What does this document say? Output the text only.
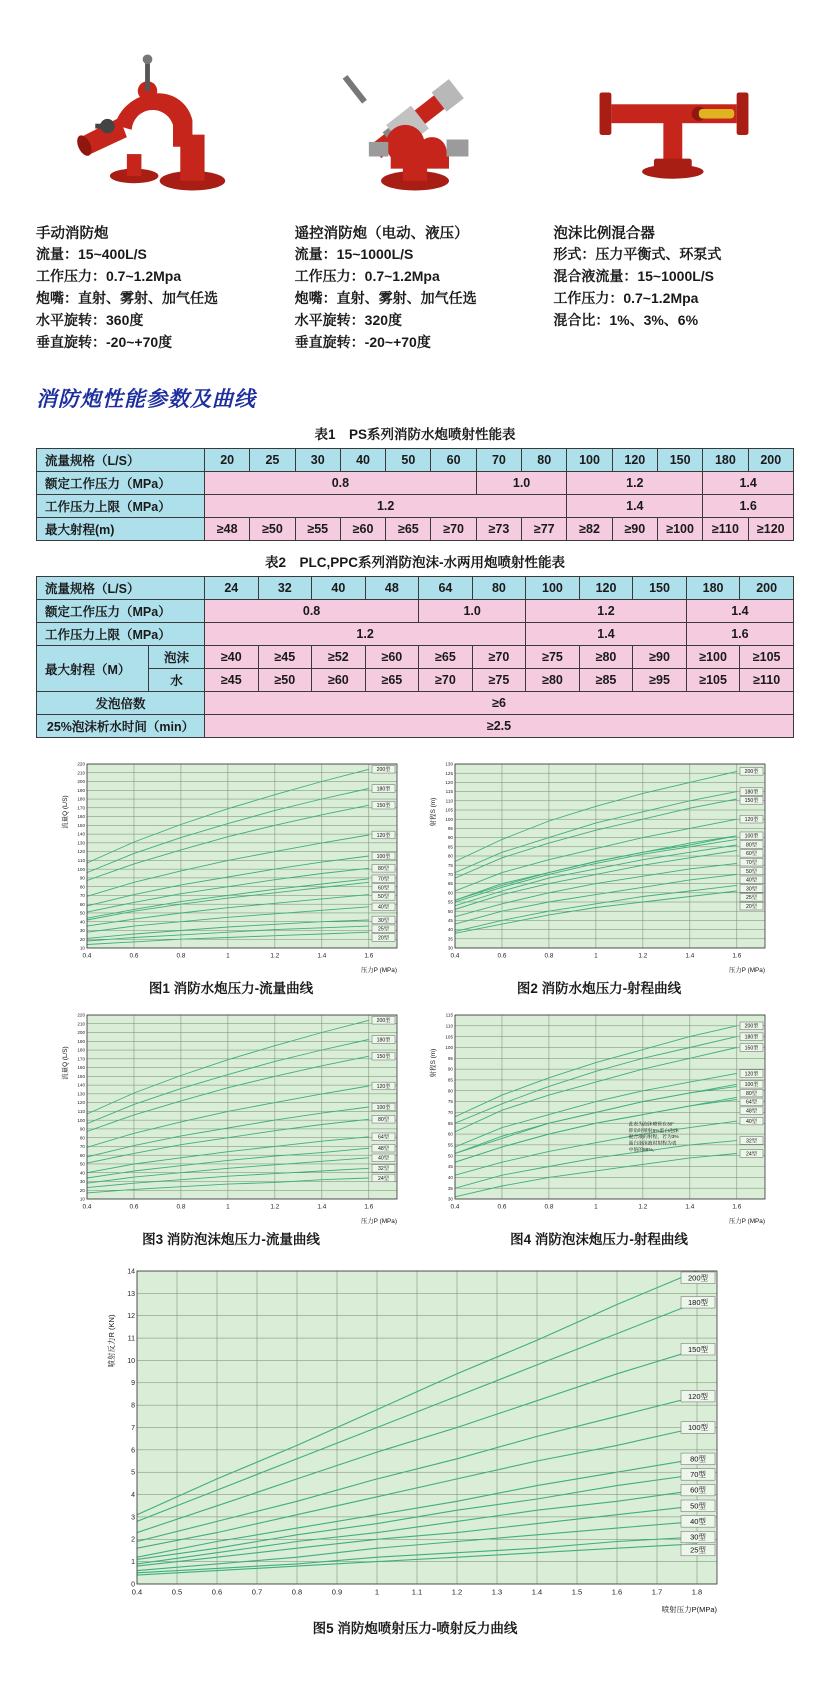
手动消防炮
流量：15~400L/S
工作压力：0.7~1.2Mpa
炮嘴：直射、雾射、加气任选
水平旋转：360度
垂直旋转：-20~+70度
遥控消防炮（电动、液压）
流量：15~1000L/S
工作压力：0.7~1.2Mpa
炮嘴：直射、雾射、加气任选
水平旋转：320度
垂直旋转：-20~+70度
泡沫比例混合器
形式：压力平衡式、环泵式
混合液流量：15~1000L/S
工作压力：0.7~1.2Mpa
混合比：1%、3%、6%
消防炮性能参数及曲线
表1　PS系列消防水炮喷射性能表
流量规格（L/S）	20	25	30	40	50	60	70	80	100	120	150	180	200
额定工作压力（MPa）	0.8						1.0		1.2			1.4	
工作压力上限（MPa）	1.2								1.4			1.6	
最大射程(m)	≥48	≥50	≥55	≥60	≥65	≥70	≥73	≥77	≥82	≥90	≥100	≥110	≥120
表2　PLC,PPC系列消防泡沫-水两用炮喷射性能表
流量规格（L/S）		24	32	40	48	64	80	100	120	150	180	200
额定工作压力（MPa）		0.8				1.0		1.2			1.4	
工作压力上限（MPa）		1.2						1.4			1.6	
最大射程（M）	泡沫	≥40	≥45	≥52	≥60	≥65	≥70	≥75	≥80	≥90	≥100	≥105
	水	≥45	≥50	≥60	≥65	≥70	≥75	≥80	≥85	≥95	≥105	≥110
发泡倍数		≥6										
25%泡沫析水时间（min）		≥2.5										
10
20
30
40
50
60
70
80
90
100
110
120
130
140
150
160
170
180
190
200
210
220
0.4	0.6	0.8	1	1.2	1.4	1.6
200型
180型
150型
120型
100型
80型
70型
60型
50型
40型
30型
25型
20型
流量Q (L/S)
压力P (MPa)
图1 消防水炮压力-流量曲线
30
35
40
45
50
55
60
65
70
75
80
85
90
95
100
105
110
115
120
125
130
0.4	0.6	0.8	1	1.2	1.4	1.6
200型
180型
150型
120型
100型
80型
60型
70型
50型
40型
30型
25型
20型
射程S (m)
压力P (MPa)
图2 消防水炮压力-射程曲线
10
20
30
40
50
60
70
80
90
100
110
120
130
140
150
160
170
180
190
200
210
220
0.4	0.6	0.8	1	1.2	1.4	1.6
200型
180型
150型
120型
100型
80型
64型
48型
40型
32型
24型
流量Q (L/S)
压力P (MPa)
图3 消防泡沫炮压力-流量曲线
30
35
40
45
50
55
60
65
70
75
80
85
90
95
100
105
110
115
0.4	0.6	0.8	1	1.2	1.4	1.6
200型
180型
150型
120型
100型
80型
64型
48型
40型
32型
24型
射程S (m)
压力P (MPa)
此表为泡沫喷管在30°
仰角时喷射6%蛋白泡沫
混合液的射程，若为3%
蛋白泡沫液时射程为表
中值的88%。
图4 消防泡沫炮压力-射程曲线
0
1
2
3
4
5
6
7
8
9
10
11
12
13
14
0.4	0.5	0.6	0.7	0.8	0.9	1	1.1	1.2	1.3	1.4	1.5	1.6	1.7	1.8
200型
180型
150型
120型
100型
80型
70型
60型
50型
40型
30型
25型
喷射反力R (KN)
喷射压力P(MPa)
图5 消防炮喷射压力-喷射反力曲线
